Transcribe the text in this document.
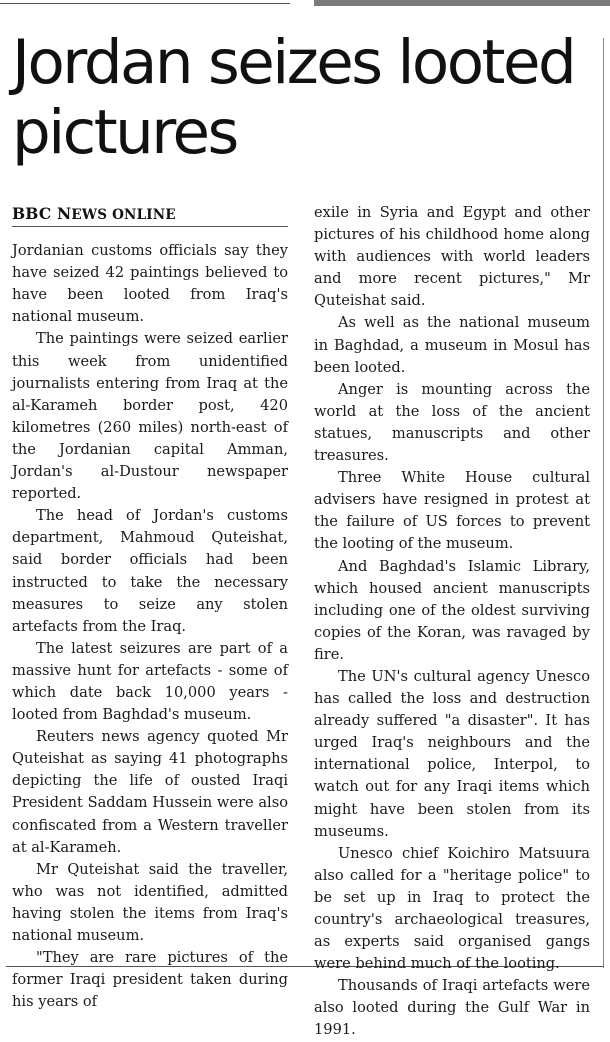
Jordan seizes looted pictures
BBC NEWS ONLINE

Jordanian customs officials say they have seized 42 paintings believed to have been looted from Iraq's national museum.

The paintings were seized earlier this week from unidentified journalists entering from Iraq at the al-Karameh border post, 420 kilometres (260 miles) north-east of the Jordanian capital Amman, Jordan's al-Dustour newspaper reported.

The head of Jordan's customs department, Mahmoud Quteishat, said border officials had been instructed to take the necessary measures to seize any stolen artefacts from the Iraq.

The latest seizures are part of a massive hunt for artefacts - some of which date back 10,000 years - looted from Baghdad's museum.

Reuters news agency quoted Mr Quteishat as saying 41 photographs depicting the life of ousted Iraqi President Saddam Hussein were also confiscated from a Western traveller at al-Karameh.

Mr Quteishat said the traveller, who was not identified, admitted having stolen the items from Iraq's national museum.

"They are rare pictures of the former Iraqi president taken during his years of

exile in Syria and Egypt and other pictures of his childhood home along with audiences with world leaders and more recent pictures," Mr Quteishat said.

As well as the national museum in Baghdad, a museum in Mosul has been looted.

Anger is mounting across the world at the loss of the ancient statues, manuscripts and other treasures.

Three White House cultural advisers have resigned in protest at the failure of US forces to prevent the looting of the museum.

And Baghdad's Islamic Library, which housed ancient manuscripts including one of the oldest surviving copies of the Koran, was ravaged by fire.

The UN's cultural agency Unesco has called the loss and destruction already suffered "a disaster". It has urged Iraq's neighbours and the international police, Interpol, to watch out for any Iraqi items which might have been stolen from its museums.

Unesco chief Koichiro Matsuura also called for a "heritage police" to be set up in Iraq to protect the country's archaeological treasures, as experts said organised gangs were behind much of the looting.

Thousands of Iraqi artefacts were also looted during the Gulf War in 1991.
